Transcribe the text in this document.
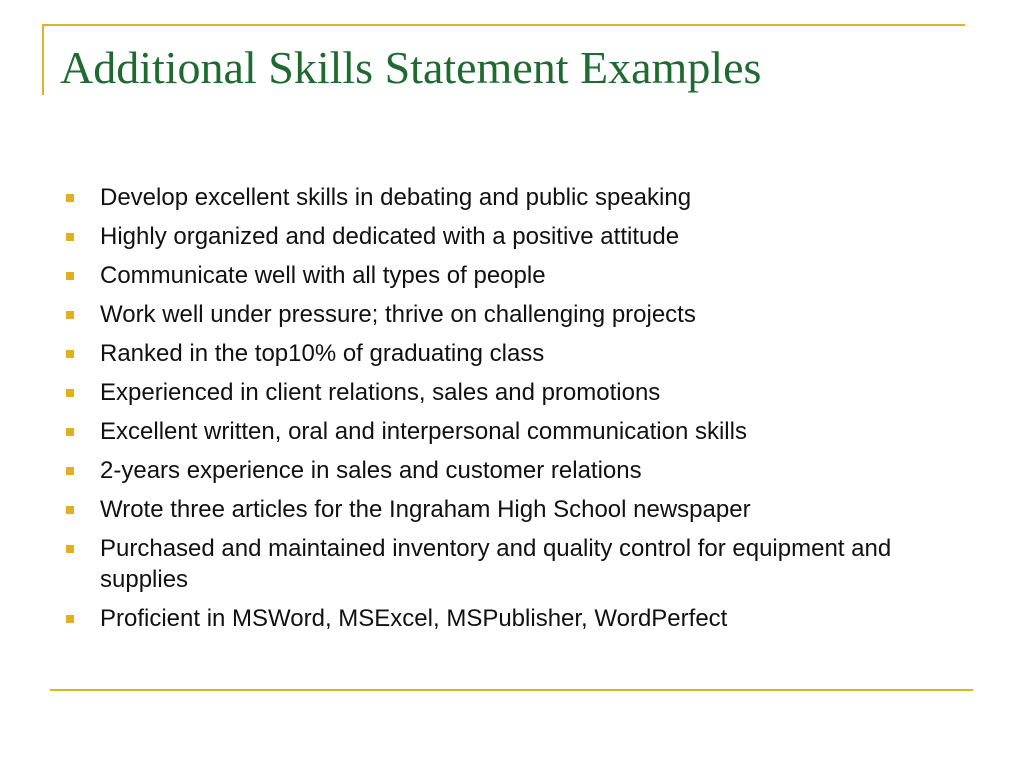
Additional Skills Statement Examples
Develop excellent skills in debating and public speaking
Highly organized and dedicated with a positive attitude
Communicate well with all types of people
Work well under pressure; thrive on challenging projects
Ranked in the top10% of graduating class
Experienced in client relations, sales and promotions
Excellent written, oral and interpersonal communication skills
2-years experience in sales and customer relations
Wrote three articles for the Ingraham High School newspaper
Purchased and maintained inventory and quality control for equipment and supplies
Proficient in MSWord, MSExcel, MSPublisher, WordPerfect
